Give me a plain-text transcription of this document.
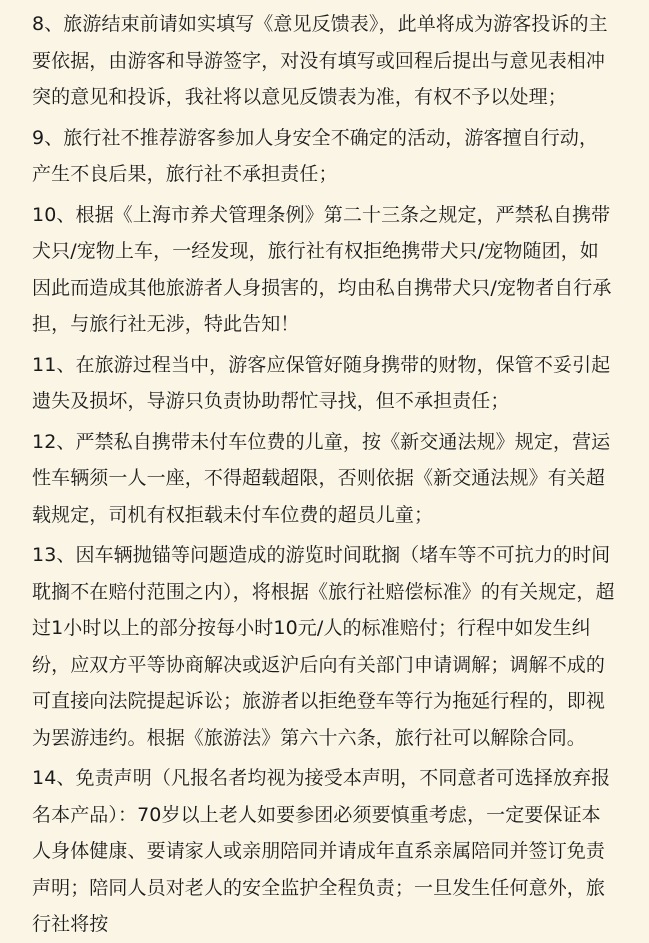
8、旅游结束前请如实填写《意见反馈表》，此单将成为游客投诉的主要依据，由游客和导游签字，对没有填写或回程后提出与意见表相冲突的意见和投诉，我社将以意见反馈表为准，有权不予以处理；

9、旅行社不推荐游客参加人身安全不确定的活动，游客擅自行动，产生不良后果，旅行社不承担责任；

10、根据《上海市养犬管理条例》第二十三条之规定，严禁私自携带犬只/宠物上车，一经发现，旅行社有权拒绝携带犬只/宠物随团，如因此而造成其他旅游者人身损害的，均由私自携带犬只/宠物者自行承担，与旅行社无涉，特此告知！

11、在旅游过程当中，游客应保管好随身携带的财物，保管不妥引起遗失及损坏，导游只负责协助帮忙寻找，但不承担责任；

12、严禁私自携带未付车位费的儿童，按《新交通法规》规定，营运性车辆须一人一座，不得超载超限，否则依据《新交通法规》有关超载规定，司机有权拒载未付车位费的超员儿童；

13、因车辆抛锚等问题造成的游览时间耽搁（堵车等不可抗力的时间耽搁不在赔付范围之内），将根据《旅行社赔偿标准》的有关规定，超过1小时以上的部分按每小时10元/人的标准赔付；行程中如发生纠纷，应双方平等协商解决或返沪后向有关部门申请调解；调解不成的可直接向法院提起诉讼；旅游者以拒绝登车等行为拖延行程的，即视为罢游违约。根据《旅游法》第六十六条，旅行社可以解除合同。

14、免责声明（凡报名者均视为接受本声明，不同意者可选择放弃报名本产品）：70岁以上老人如要参团必须要慎重考虑，一定要保证本人身体健康、要请家人或亲朋陪同并请成年直系亲属陪同并签订免责声明；陪同人员对老人的安全监护全程负责；一旦发生任何意外，旅行社将按
